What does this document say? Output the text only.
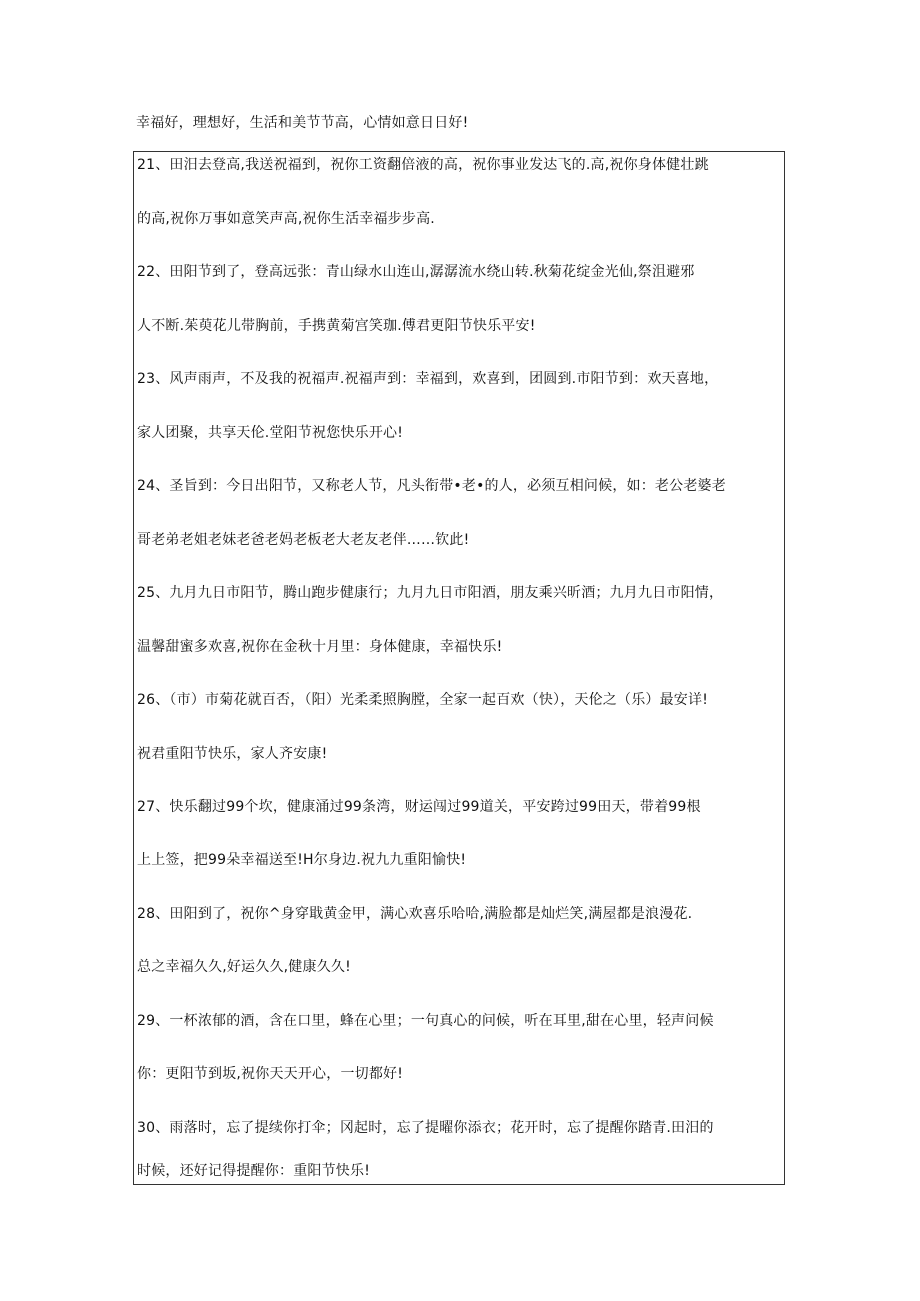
幸福好，理想好，生活和美节节高，心情如意日日好!
21、田汨去登高,我送祝福到，祝你工资翻倍液的高，祝你事业发达飞的.高,祝你身体健壮跳
的高,祝你万事如意笑声高,祝你生活幸福步步高.
22、田阳节到了，登高远张：青山绿水山连山,潺潺流水绕山转.秋菊花绽金光仙,祭沮避邪
人不断.茱萸花儿带胸前，手携黄菊宫笑珈.傅君更阳节快乐平安!
23、风声雨声，不及我的祝福声.祝福声到：幸福到，欢喜到，团圆到.市阳节到：欢天喜地，
家人团聚，共享天伦.堂阳节祝您快乐开心!
24、圣旨到：今日出阳节，又称老人节，凡头衔带•老•的人，必须互相问候，如：老公老婆老
哥老弟老姐老妹老爸老妈老板老大老友老伴……钦此!
25、九月九日市阳节，腾山跑步健康行；九月九日市阳酒，朋友乘兴昕酒；九月九日市阳情，
温馨甜蜜多欢喜,祝你在金秋十月里：身体健康，幸福快乐!
26、（市）市菊花就百否，（阳）光柔柔照胸膛，全家一起百欢（快），天伦之（乐）最安详!
祝君重阳节快乐，家人齐安康!
27、快乐翻过99个坎，健康涌过99条湾，财运闯过99道关，平安跨过99田天，带着99根
上上签，把99朵幸福送至!H尔身边.祝九九重阳愉快!
28、田阳到了，祝你^身穿戢黄金甲，满心欢喜乐哈哈,满脸都是灿烂笑,满屋都是浪漫花.
总之幸福久久,好运久久,健康久久!
29、一杯浓郁的酒，含在口里，蜂在心里；一句真心的问候，听在耳里,甜在心里，轻声问候
你：更阳节到坂,祝你天天开心，一切都好!
30、雨落时，忘了提续你打伞；冈起时，忘了提曜你添衣；花开时，忘了提醒你踏青.田汨的
时候，还好记得提醒你：重阳节快乐!
